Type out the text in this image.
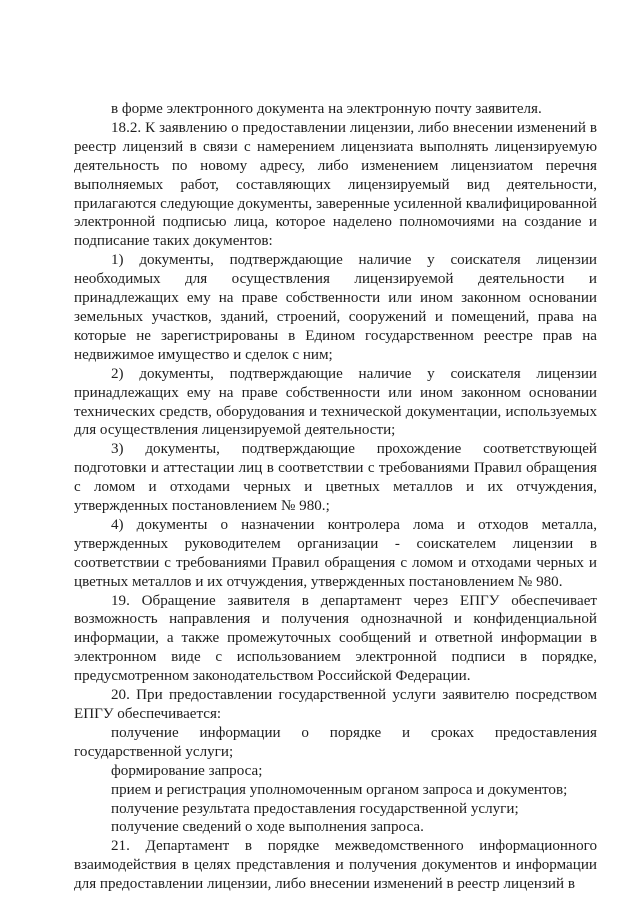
в форме электронного документа на электронную почту заявителя.

18.2. К заявлению о предоставлении лицензии, либо внесении изменений в реестр лицензий в связи с намерением лицензиата выполнять лицензируемую деятельность по новому адресу, либо изменением лицензиатом перечня выполняемых работ, составляющих лицензируемый вид деятельности, прилагаются следующие документы, заверенные усиленной квалифицированной электронной подписью лица, которое наделено полномочиями на создание и подписание таких документов:

1) документы, подтверждающие наличие у соискателя лицензии необходимых для осуществления лицензируемой деятельности и принадлежащих ему на праве собственности или ином законном основании земельных участков, зданий, строений, сооружений и помещений, права на которые не зарегистрированы в Едином государственном реестре прав на недвижимое имущество и сделок с ним;

2) документы, подтверждающие наличие у соискателя лицензии принадлежащих ему на праве собственности или ином законном основании технических средств, оборудования и технической документации, используемых для осуществления лицензируемой деятельности;

3) документы, подтверждающие прохождение соответствующей подготовки и аттестации лиц в соответствии с требованиями Правил обращения с ломом и отходами черных и цветных металлов и их отчуждения, утвержденных постановлением № 980.;

4) документы о назначении контролера лома и отходов металла, утвержденных руководителем организации - соискателем лицензии в соответствии с требованиями Правил обращения с ломом и отходами черных и цветных металлов и их отчуждения, утвержденных постановлением № 980.

19. Обращение заявителя в департамент через ЕПГУ обеспечивает возможность направления и получения однозначной и конфиденциальной информации, а также промежуточных сообщений и ответной информации в электронном виде с использованием электронной подписи в порядке, предусмотренном законодательством Российской Федерации.

20. При предоставлении государственной услуги заявителю посредством ЕПГУ обеспечивается:

получение информации о порядке и сроках предоставления государственной услуги;

формирование запроса;

прием и регистрация уполномоченным органом запроса и документов;

получение результата предоставления государственной услуги;

получение сведений о ходе выполнения запроса.

21. Департамент в порядке межведомственного информационного взаимодействия в целях представления и получения документов и информации для предоставлении лицензии, либо внесении изменений в реестр лицензий в
